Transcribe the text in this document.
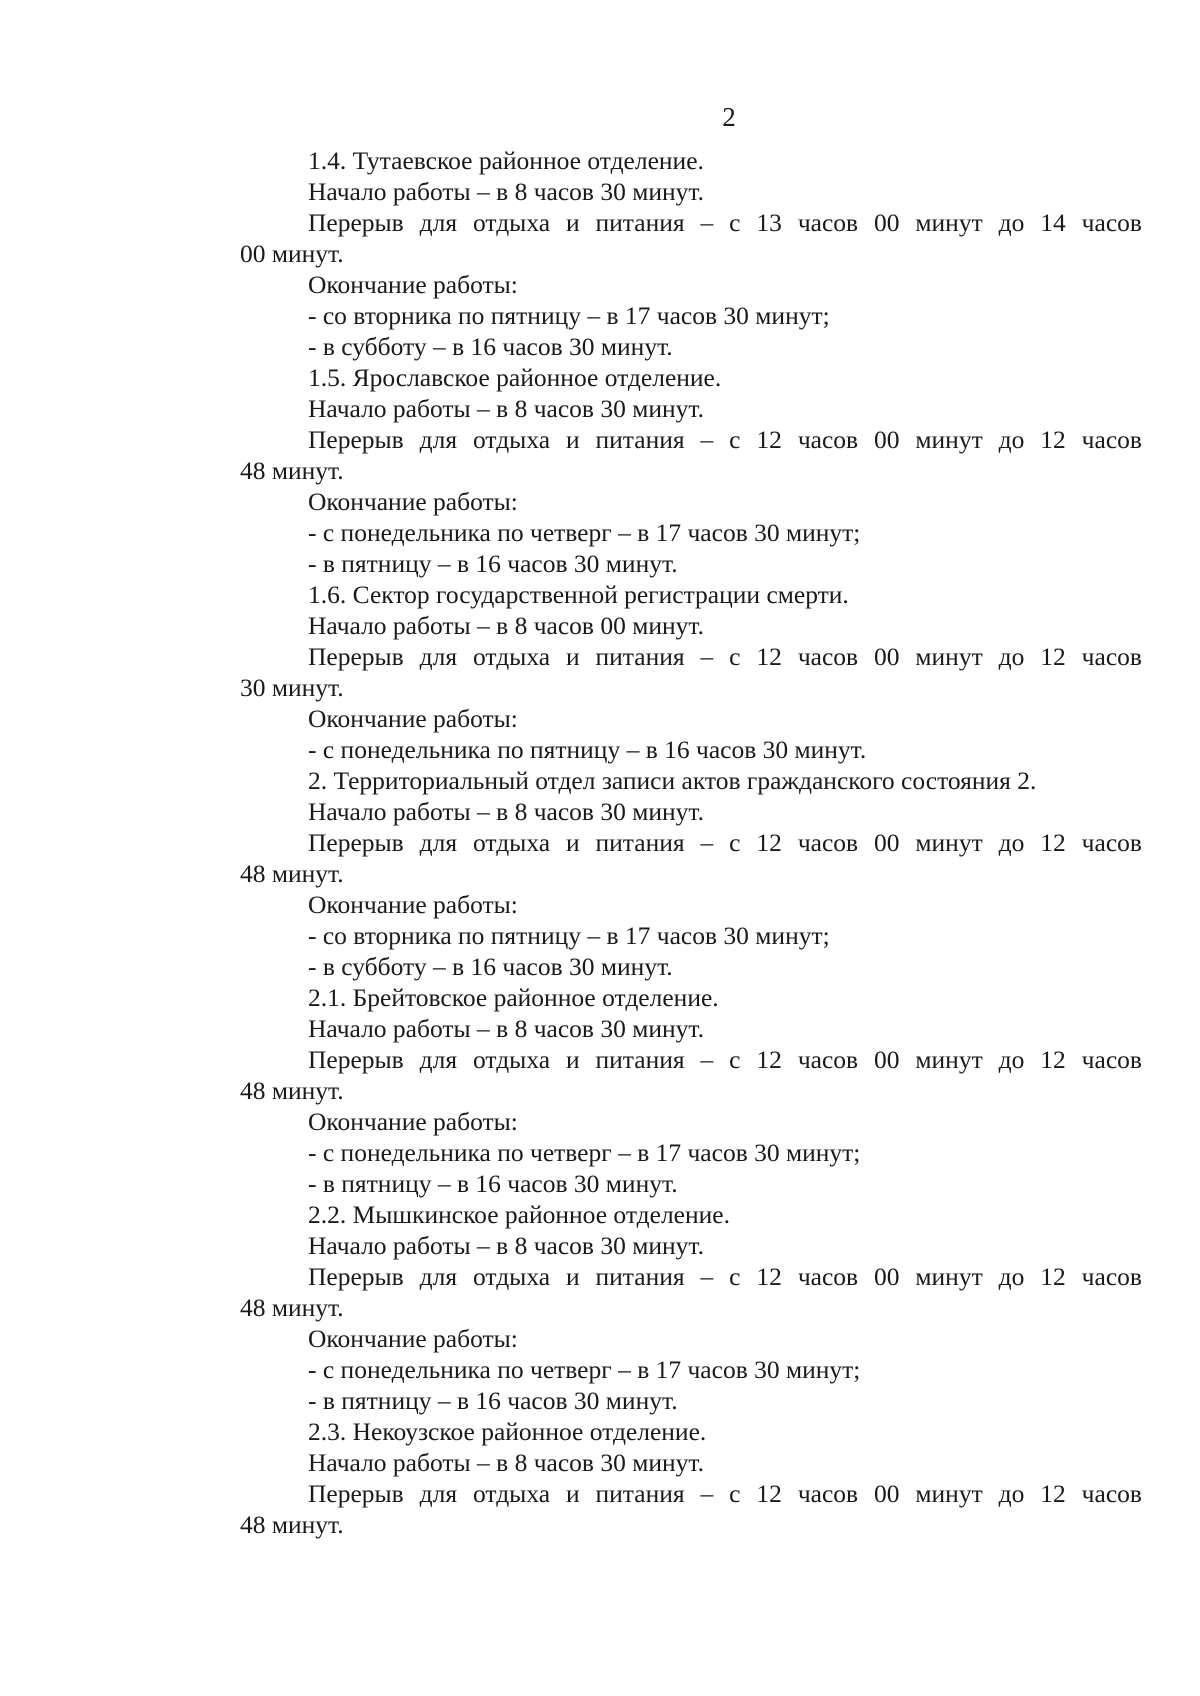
2
1.4. Тутаевское районное отделение.
Начало работы – в 8 часов 30 минут.
Перерыв для отдыха и питания – с 13 часов 00 минут до 14 часов
00 минут.
Окончание работы:
- со вторника по пятницу – в 17 часов 30 минут;
- в субботу – в 16 часов 30 минут.
1.5. Ярославское районное отделение.
Начало работы – в 8 часов 30 минут.
Перерыв для отдыха и питания – с 12 часов 00 минут до 12 часов
48 минут.
Окончание работы:
- с понедельника по четверг – в 17 часов 30 минут;
- в пятницу – в 16 часов 30 минут.
1.6. Сектор государственной регистрации смерти.
Начало работы – в 8 часов 00 минут.
Перерыв для отдыха и питания – с 12 часов 00 минут до 12 часов
30 минут.
Окончание работы:
- с понедельника по пятницу – в 16 часов 30 минут.
2. Территориальный отдел записи актов гражданского состояния 2.
Начало работы – в 8 часов 30 минут.
Перерыв для отдыха и питания – с 12 часов 00 минут до 12 часов
48 минут.
Окончание работы:
- со вторника по пятницу – в 17 часов 30 минут;
- в субботу – в 16 часов 30 минут.
2.1. Брейтовское районное отделение.
Начало работы – в 8 часов 30 минут.
Перерыв для отдыха и питания – с 12 часов 00 минут до 12 часов
48 минут.
Окончание работы:
- с понедельника по четверг – в 17 часов 30 минут;
- в пятницу – в 16 часов 30 минут.
2.2. Мышкинское районное отделение.
Начало работы – в 8 часов 30 минут.
Перерыв для отдыха и питания – с 12 часов 00 минут до 12 часов
48 минут.
Окончание работы:
- с понедельника по четверг – в 17 часов 30 минут;
- в пятницу – в 16 часов 30 минут.
2.3. Некоузское районное отделение.
Начало работы – в 8 часов 30 минут.
Перерыв для отдыха и питания – с 12 часов 00 минут до 12 часов
48 минут.
